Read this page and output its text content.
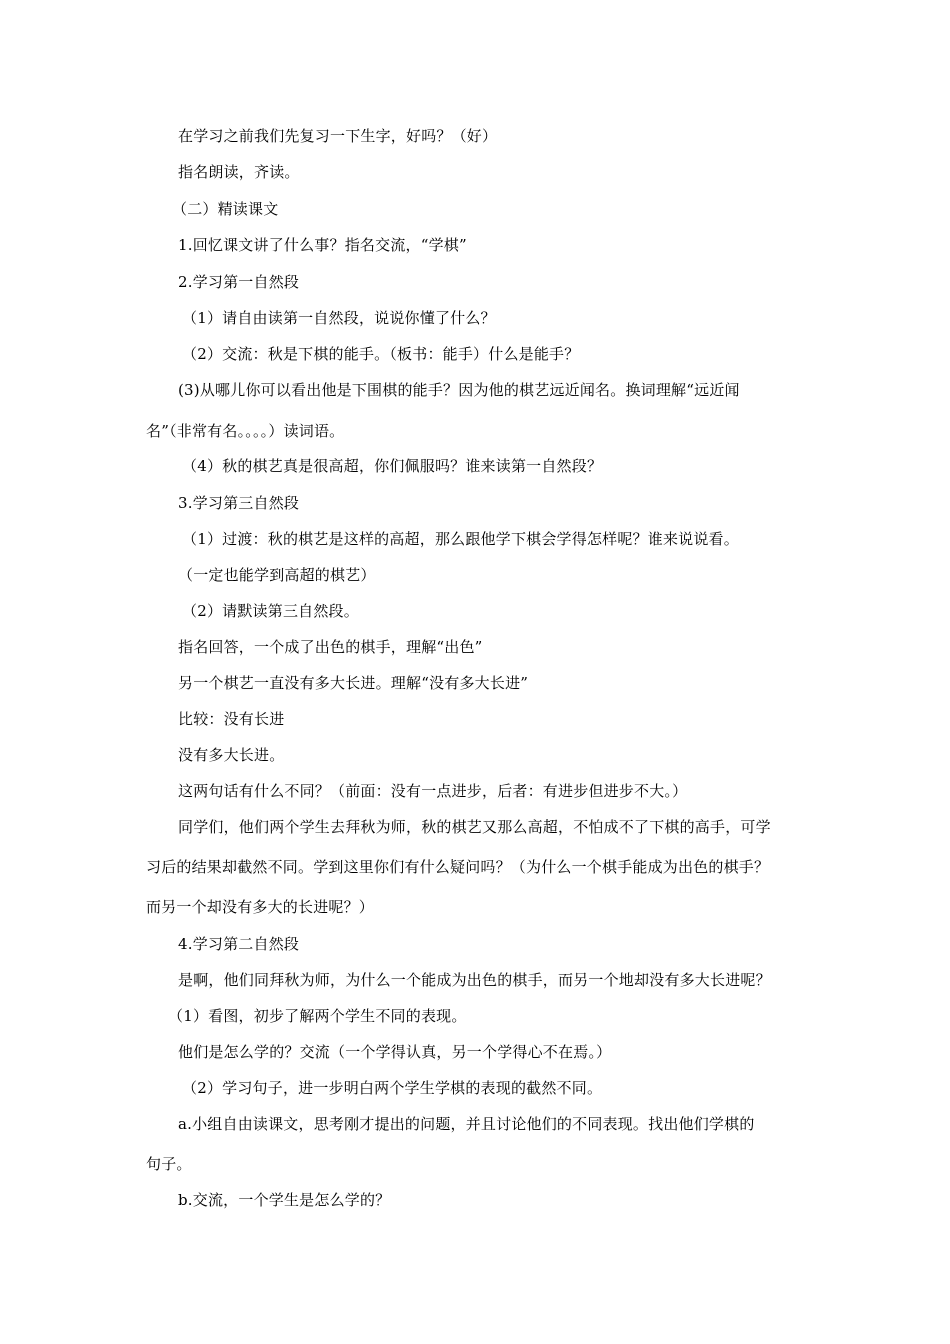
在学习之前我们先复习一下生字，好吗？（好）
指名朗读，齐读。
（二）精读课文
1.回忆课文讲了什么事？指名交流，“学棋”
2.学习第一自然段
（1）请自由读第一自然段，说说你懂了什么？
（2）交流：秋是下棋的能手。（板书：能手）什么是能手？
(3)从哪儿你可以看出他是下围棋的能手？因为他的棋艺远近闻名。换词理解“远近闻
名”（非常有名。。。。）读词语。
（4）秋的棋艺真是很高超，你们佩服吗？谁来读第一自然段？
3.学习第三自然段
（1）过渡：秋的棋艺是这样的高超，那么跟他学下棋会学得怎样呢？谁来说说看。
（一定也能学到高超的棋艺）
（2）请默读第三自然段。
指名回答，一个成了出色的棋手，理解“出色”
另一个棋艺一直没有多大长进。理解“没有多大长进”
比较：没有长进
没有多大长进。
这两句话有什么不同？（前面：没有一点进步，后者：有进步但进步不大。）
同学们，他们两个学生去拜秋为师，秋的棋艺又那么高超，不怕成不了下棋的高手，可学
习后的结果却截然不同。学到这里你们有什么疑问吗？（为什么一个棋手能成为出色的棋手？
而另一个却没有多大的长进呢？）
4.学习第二自然段
是啊，他们同拜秋为师，为什么一个能成为出色的棋手，而另一个地却没有多大长进呢？
（1）看图，初步了解两个学生不同的表现。
他们是怎么学的？交流（一个学得认真，另一个学得心不在焉。）
（2）学习句子，进一步明白两个学生学棋的表现的截然不同。
a.小组自由读课文，思考刚才提出的问题，并且讨论他们的不同表现。找出他们学棋的
句子。
b.交流，一个学生是怎么学的？
